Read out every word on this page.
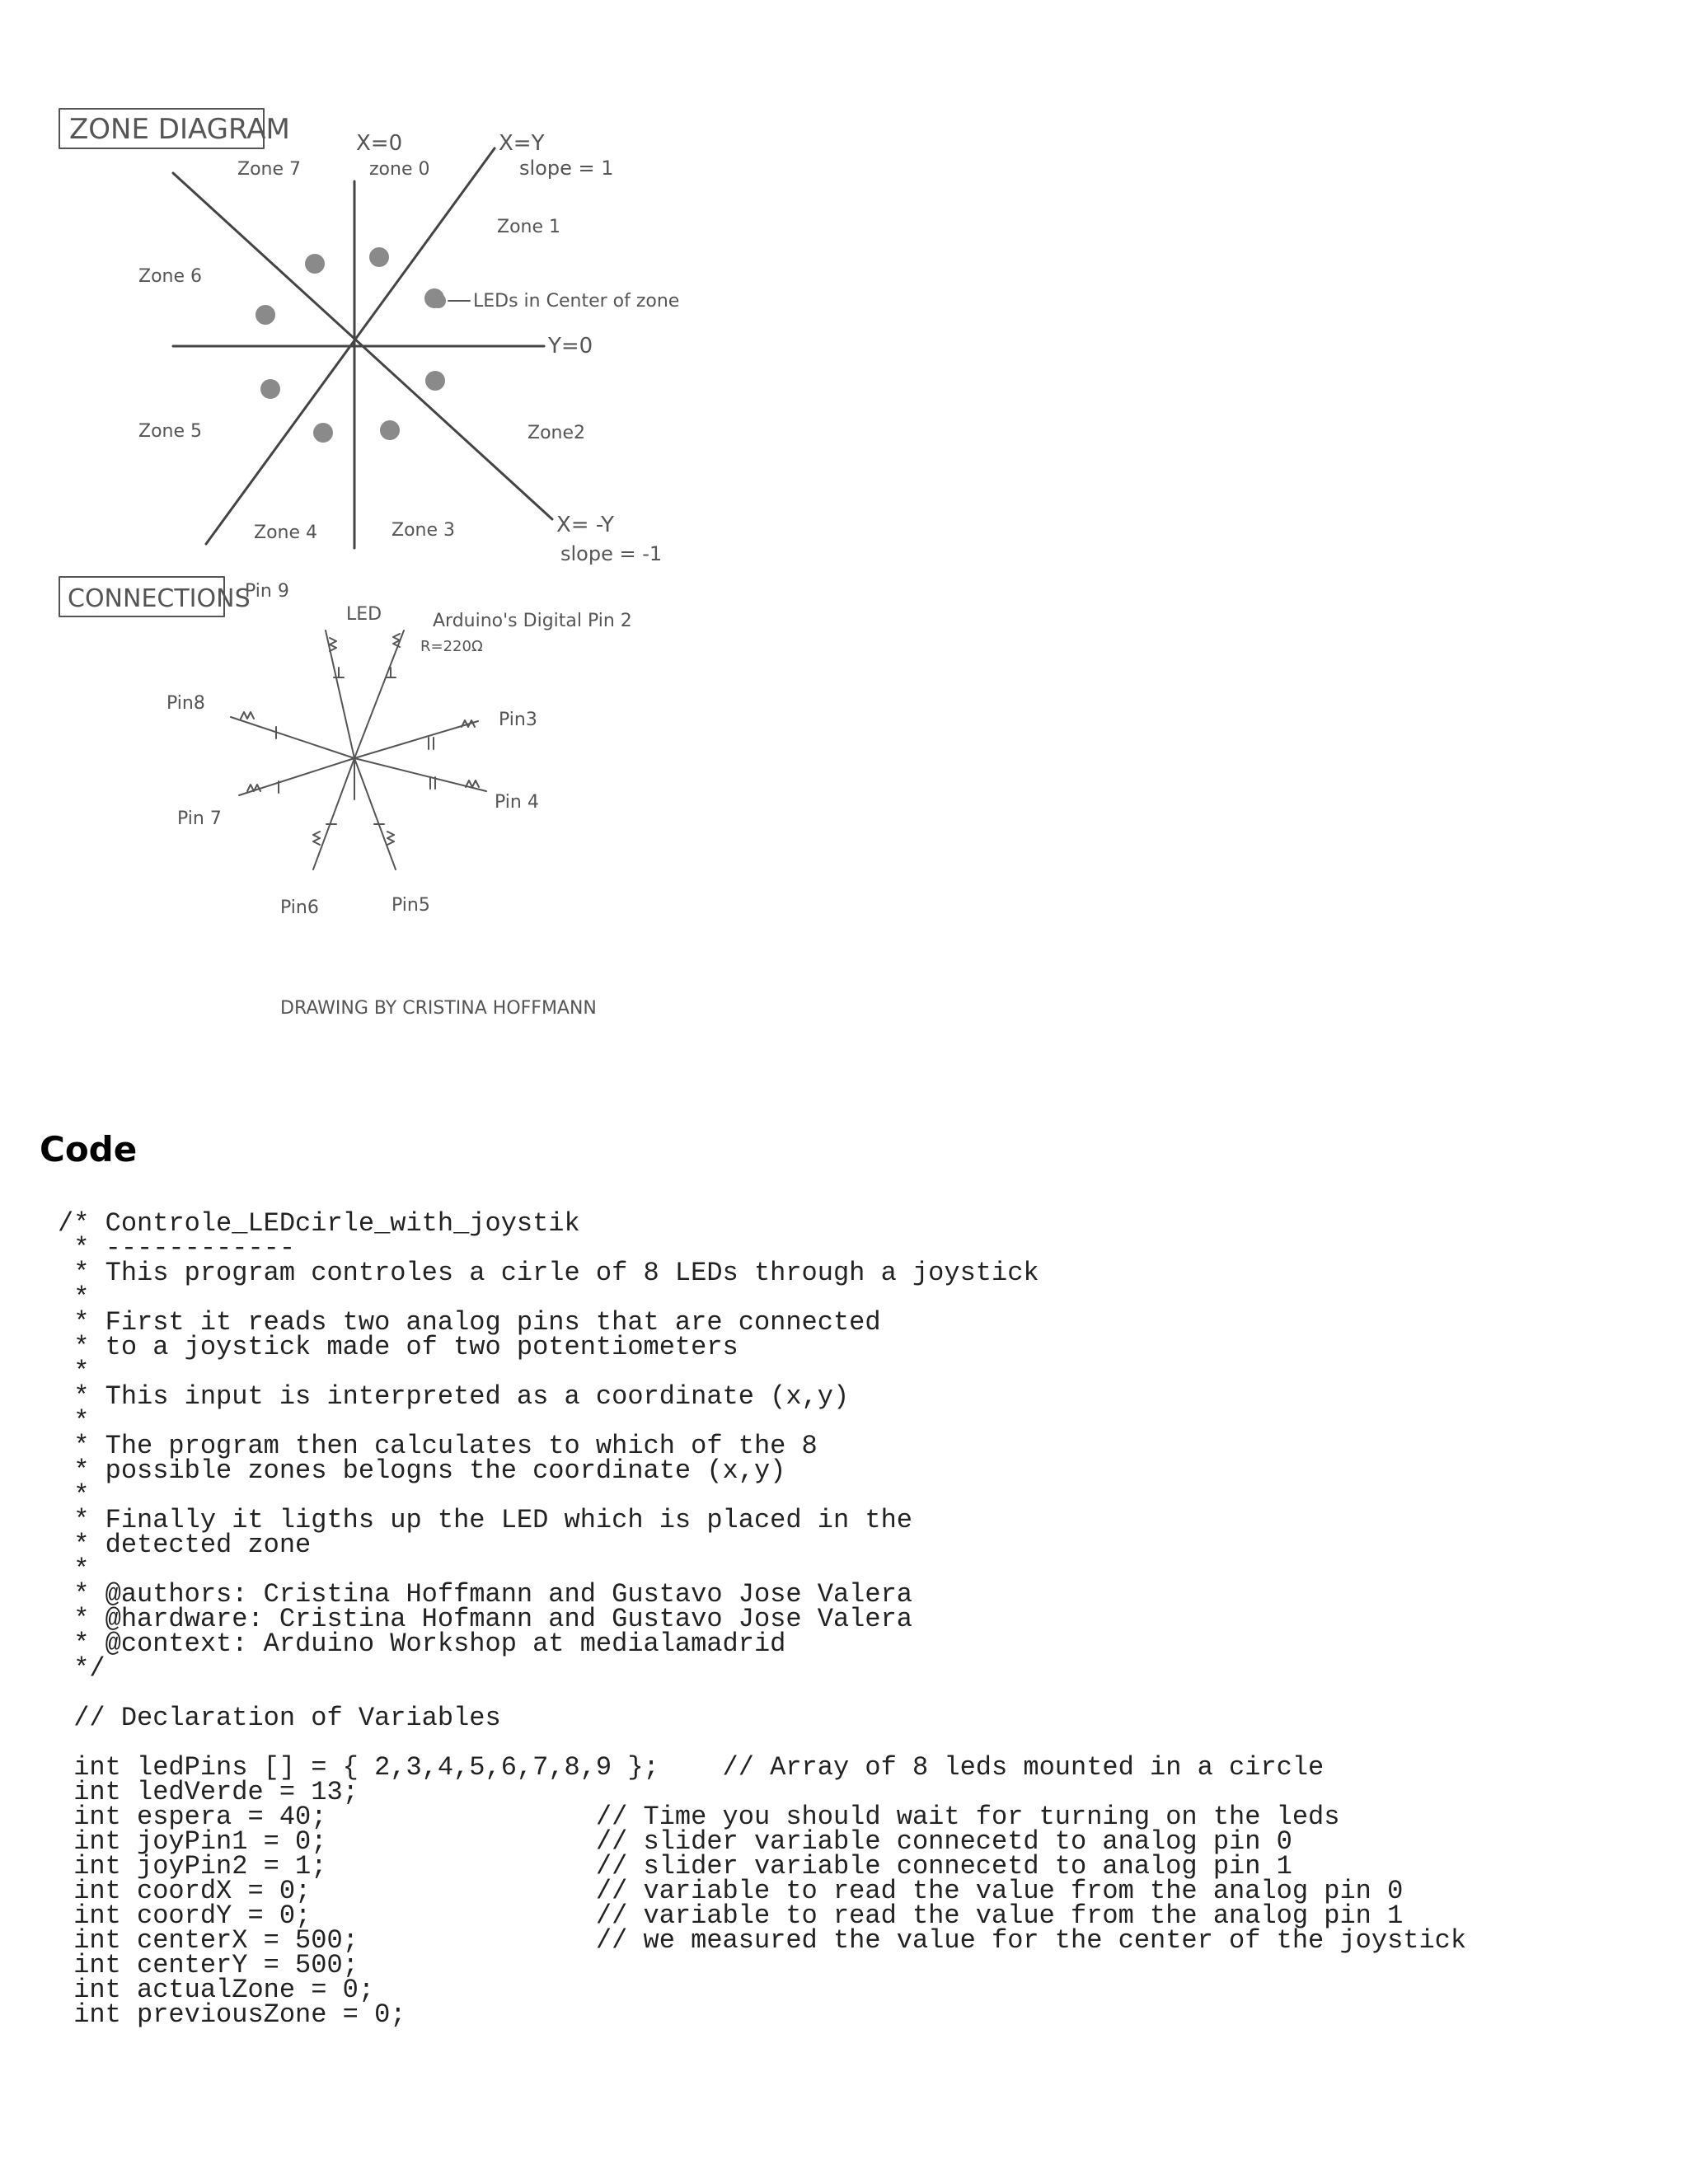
ZONE DIAGRAM	X=0	X=Y
slope = 1
Y=0
X= -Y
slope = -1
zone 0
Zone 1
Zone2
Zone 3
Zone 4
Zone 5
Zone 6
Zone 7
LEDs in Center of zone
CONNECTIONS
Pin 9
LED	Arduino's Digital Pin 2
R=220Ω
Pin3
Pin 4
Pin5
Pin6
Pin 7
Pin8
DRAWING BY CRISTINA HOFFMANN
Code
/* Controle_LEDcirle_with_joystik
* ------------
* This program controles a cirle of 8 LEDs through a joystick
*
* First it reads two analog pins that are connected
* to a joystick made of two potentiometers
*
* This input is interpreted as a coordinate (x,y)
*
* The program then calculates to which of the 8
* possible zones belogns the coordinate (x,y)
*
* Finally it ligths up the LED which is placed in the
* detected zone
*
* @authors: Cristina Hoffmann and Gustavo Jose Valera
* @hardware: Cristina Hofmann and Gustavo Jose Valera
* @context: Arduino Workshop at medialamadrid
*/

// Declaration of Variables

int ledPins [] = { 2,3,4,5,6,7,8,9 };    // Array of 8 leds mounted in a circle
int ledVerde = 13;
int espera = 40;                 // Time you should wait for turning on the leds
int joyPin1 = 0;                 // slider variable connecetd to analog pin 0
int joyPin2 = 1;                 // slider variable connecetd to analog pin 1
int coordX = 0;                  // variable to read the value from the analog pin 0
int coordY = 0;                  // variable to read the value from the analog pin 1
int centerX = 500;               // we measured the value for the center of the joystick
int centerY = 500;
int actualZone = 0;
int previousZone = 0;
